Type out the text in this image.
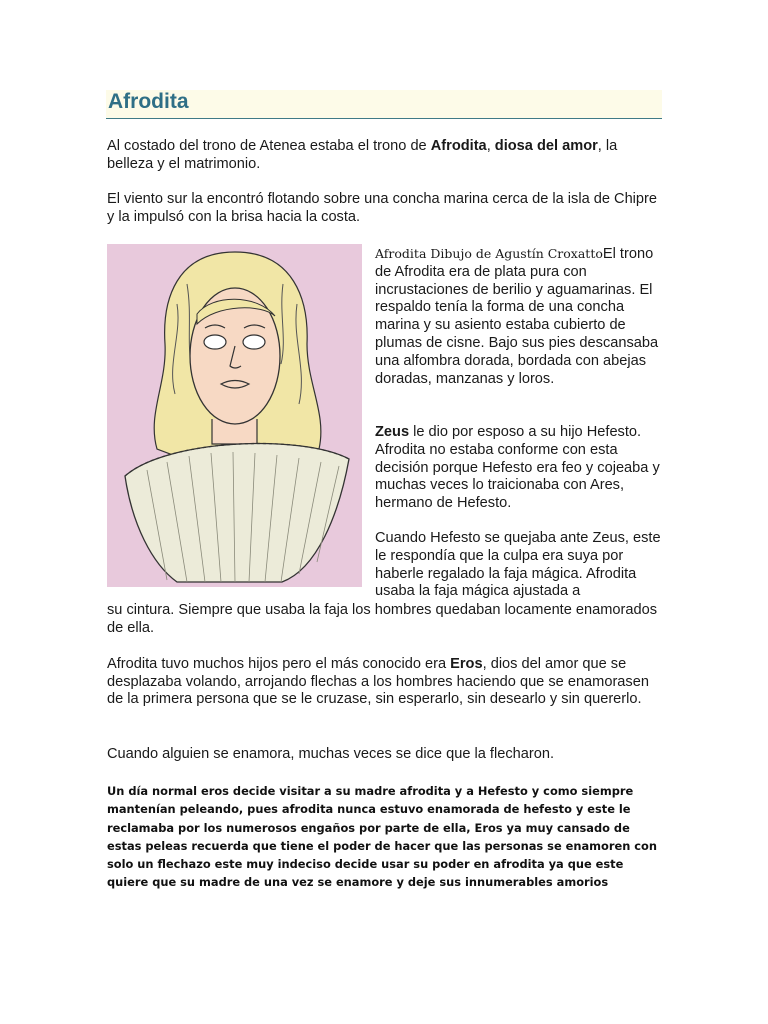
Afrodita

Al costado del trono de Atenea estaba el trono de Afrodita, diosa del amor, la belleza y el matrimonio.

El viento sur la encontró flotando sobre una concha marina cerca de la isla de Chipre y la impulsó con la brisa hacia la costa.

Afrodita Dibujo de Agustín CroxattoEl trono de Afrodita era de plata pura con incrustaciones de berilio y aguamarinas. El respaldo tenía la forma de una concha marina y su asiento estaba cubierto de plumas de cisne. Bajo sus pies descansaba una alfombra dorada, bordada con abejas doradas, manzanas y loros.

Zeus le dio por esposo a su hijo Hefesto. Afrodita no estaba conforme con esta decisión porque Hefesto era feo y cojeaba y muchas veces lo traicionaba con Ares, hermano de Hefesto.

Cuando Hefesto se quejaba ante Zeus, este le respondía que la culpa era suya por haberle regalado la faja mágica. Afrodita usaba la faja mágica ajustada a

su cintura. Siempre que usaba la faja los hombres quedaban locamente enamorados de ella.

Afrodita tuvo muchos hijos pero el más conocido era Eros, dios del amor que se desplazaba volando, arrojando flechas a los hombres haciendo que se enamorasen de la primera persona que se le cruzase, sin esperarlo, sin desearlo y sin quererlo.

Cuando alguien se enamora, muchas veces se dice que la flecharon.

Un día normal eros decide visitar a su madre afrodita y a Hefesto y como siempre mantenían peleando, pues afrodita nunca estuvo enamorada de hefesto y este le reclamaba por los numerosos engaños por parte de ella, Eros ya muy cansado de estas peleas recuerda que tiene el poder de hacer que las personas se enamoren con solo un flechazo este muy indeciso decide usar su poder en afrodita ya que este quiere que su madre de una vez se enamore y deje sus innumerables amorios
